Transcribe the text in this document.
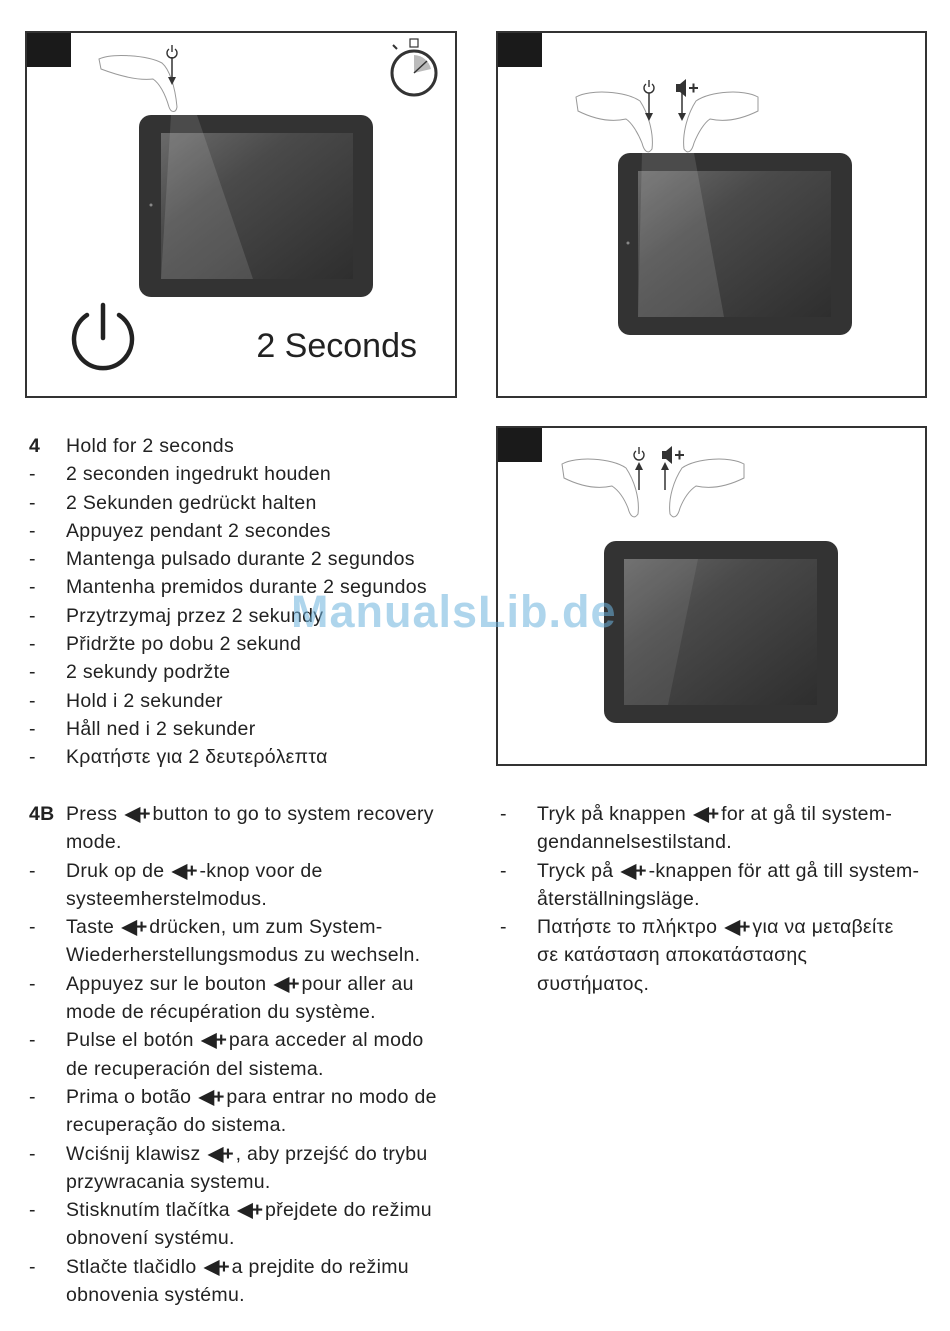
2 Seconds
4	Hold for 2 seconds
-	2 seconden ingedrukt houden
-	2 Sekunden gedrückt halten
-	Appuyez pendant 2 secondes
-	Mantenga pulsado durante 2 segundos
-	Mantenha premidos durante 2 segundos
-	Przytrzymaj przez 2 sekundy
-	Přidržte po dobu 2 sekund
-	2 sekundy podržte
-	Hold i 2 sekunder
-	Håll ned i 2 sekunder
-	Κρατήστε για 2 δευτερόλεπτα
4B Press ◀+ button to go to system recovery
mode.
-	Druk op de ◀+ -knop voor de
systeemherstelmodus.
-	Taste ◀+ drücken, um zum System-
Wiederherstellungsmodus zu wechseln.
-	Appuyez sur le bouton ◀+ pour aller au
mode de récupération du système.
-	Pulse el botón ◀+ para acceder al modo
de recuperación del sistema.
-	Prima o botão ◀+ para entrar no modo de
recuperação do sistema.
-	Wciśnij klawisz ◀+ , aby przejść do trybu
przywracania systemu.
-	Stisknutím tlačítka ◀+ přejdete do režimu
obnovení systému.
-	Stlačte tlačidlo ◀+ a prejdite do režimu
obnovenia systému.
-	Tryk på knappen ◀+ for at gå til system-
gendannelsestilstand.
-	Tryck på ◀+ -knappen för att gå till system-
återställningsläge.
-	Πατήστε το πλήκτρο ◀+ για να μεταβείτε
σε κατάσταση αποκατάστασης
συστήματος.
ManualsLib.de
